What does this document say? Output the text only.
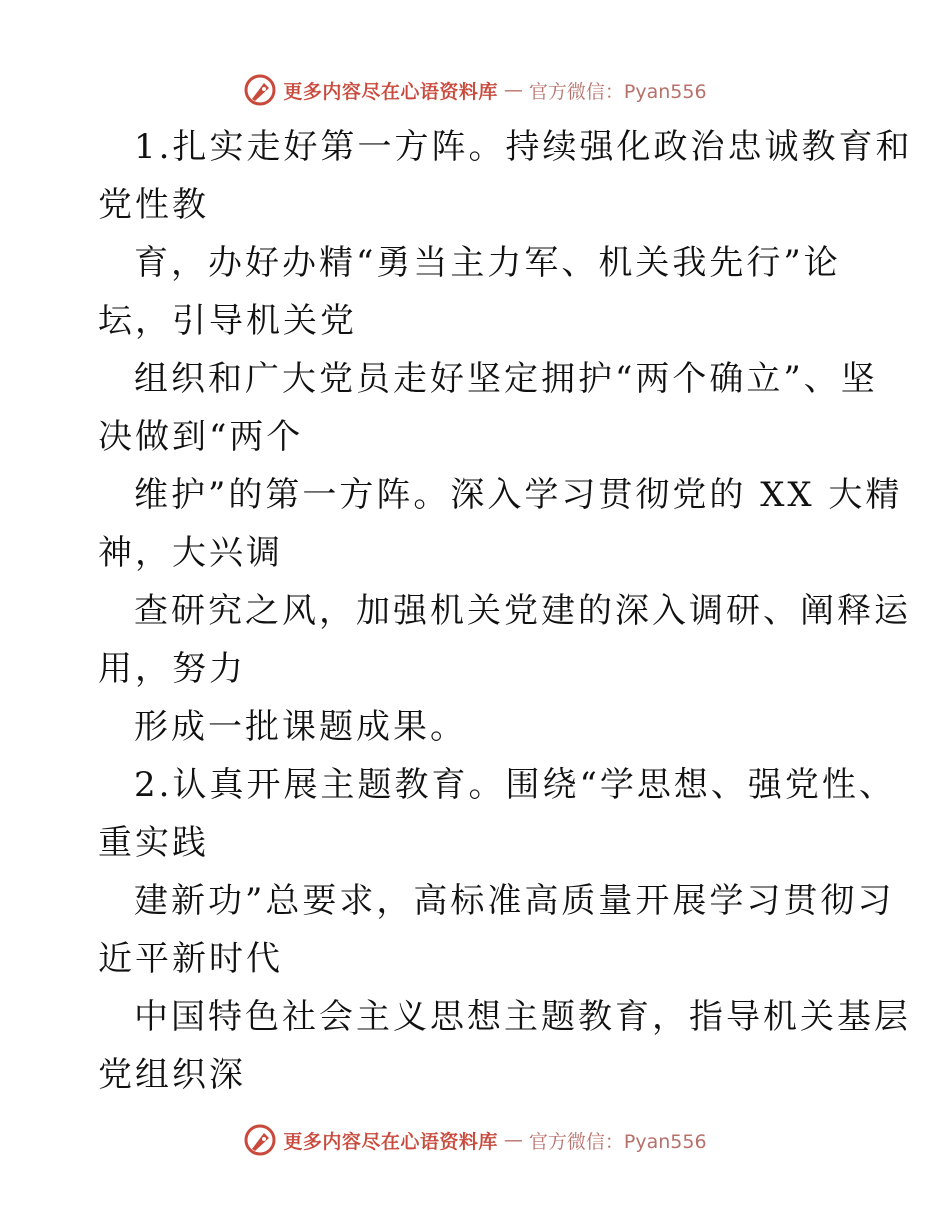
更多内容尽在心语资料库 — 官方微信：Pyan556
1.扎实走好第一方阵。持续强化政治忠诚教育和
党性教
育，办好办精“勇当主力军、机关我先行”论
坛，引导机关党
组织和广大党员走好坚定拥护“两个确立”、坚
决做到“两个
维护”的第一方阵。深入学习贯彻党的 XX 大精
神，大兴调
查研究之风，加强机关党建的深入调研、阐释运
用，努力
形成一批课题成果。
2.认真开展主题教育。围绕“学思想、强党性、
重实践
建新功”总要求，高标准高质量开展学习贯彻习
近平新时代
中国特色社会主义思想主题教育，指导机关基层
党组织深
更多内容尽在心语资料库 — 官方微信：Pyan556
